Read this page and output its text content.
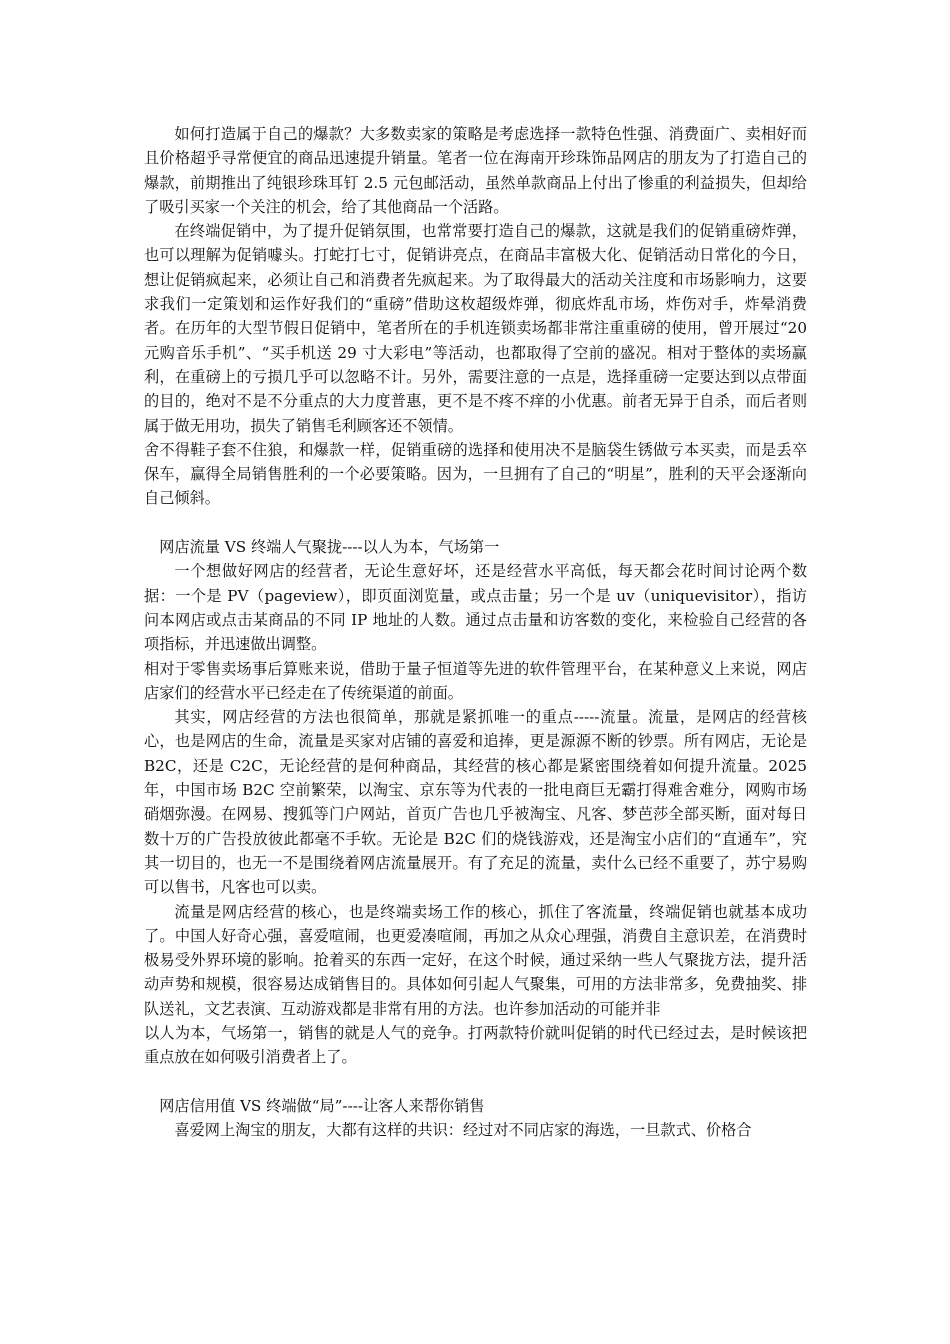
如何打造属于自己的爆款？大多数卖家的策略是考虑选择一款特色性强、消费面广、卖相好而且价格超乎寻常便宜的商品迅速提升销量。笔者一位在海南开珍珠饰品网店的朋友为了打造自己的爆款，前期推出了纯银珍珠耳钉 2.5 元包邮活动，虽然单款商品上付出了惨重的利益损失，但却给了吸引买家一个关注的机会，给了其他商品一个活路。

在终端促销中，为了提升促销氛围，也常常要打造自己的爆款，这就是我们的促销重磅炸弹，也可以理解为促销噱头。打蛇打七寸，促销讲亮点，在商品丰富极大化、促销活动日常化的今日，想让促销疯起来，必须让自己和消费者先疯起来。为了取得最大的活动关注度和市场影响力，这要求我们一定策划和运作好我们的“重磅”借助这枚超级炸弹，彻底炸乱市场，炸伤对手，炸晕消费者。在历年的大型节假日促销中，笔者所在的手机连锁卖场都非常注重重磅的使用，曾开展过“20 元购音乐手机”、“买手机送 29 寸大彩电”等活动，也都取得了空前的盛况。相对于整体的卖场赢利，在重磅上的亏损几乎可以忽略不计。另外，需要注意的一点是，选择重磅一定要达到以点带面的目的，绝对不是不分重点的大力度普惠，更不是不疼不痒的小优惠。前者无异于自杀，而后者则属于做无用功，损失了销售毛利顾客还不领情。

舍不得鞋子套不住狼，和爆款一样，促销重磅的选择和使用决不是脑袋生锈做亏本买卖，而是丢卒保车，赢得全局销售胜利的一个必要策略。因为，一旦拥有了自己的“明星”，胜利的天平会逐渐向自己倾斜。

网店流量 VS 终端人气聚拢----以人为本，气场第一

一个想做好网店的经营者，无论生意好坏，还是经营水平高低，每天都会花时间讨论两个数据：一个是 PV（pageview），即页面浏览量，或点击量；另一个是 uv（uniquevisitor），指访问本网店或点击某商品的不同 IP 地址的人数。通过点击量和访客数的变化，来检验自己经营的各项指标，并迅速做出调整。

相对于零售卖场事后算账来说，借助于量子恒道等先进的软件管理平台，在某种意义上来说，网店店家们的经营水平已经走在了传统渠道的前面。

其实，网店经营的方法也很简单，那就是紧抓唯一的重点-----流量。流量，是网店的经营核心，也是网店的生命，流量是买家对店铺的喜爱和追捧，更是源源不断的钞票。所有网店，无论是 B2C，还是 C2C，无论经营的是何种商品，其经营的核心都是紧密围绕着如何提升流量。2025 年，中国市场 B2C 空前繁荣，以淘宝、京东等为代表的一批电商巨无霸打得难舍难分，网购市场硝烟弥漫。在网易、搜狐等门户网站，首页广告也几乎被淘宝、凡客、梦芭莎全部买断，面对每日数十万的广告投放彼此都毫不手软。无论是 B2C 们的烧钱游戏，还是淘宝小店们的“直通车”，究其一切目的，也无一不是围绕着网店流量展开。有了充足的流量，卖什么已经不重要了，苏宁易购可以售书，凡客也可以卖。

流量是网店经营的核心，也是终端卖场工作的核心，抓住了客流量，终端促销也就基本成功了。中国人好奇心强，喜爱喧闹，也更爱凑喧闹，再加之从众心理强，消费自主意识差，在消费时极易受外界环境的影响。抢着买的东西一定好，在这个时候，通过采纳一些人气聚拢方法，提升活动声势和规模，很容易达成销售目的。具体如何引起人气聚集，可用的方法非常多，免费抽奖、排队送礼，文艺表演、互动游戏都是非常有用的方法。也许参加活动的可能并非

以人为本，气场第一，销售的就是人气的竞争。打两款特价就叫促销的时代已经过去，是时候该把重点放在如何吸引消费者上了。

网店信用值 VS 终端做“局”----让客人来帮你销售

喜爱网上淘宝的朋友，大都有这样的共识：经过对不同店家的海选，一旦款式、价格合
